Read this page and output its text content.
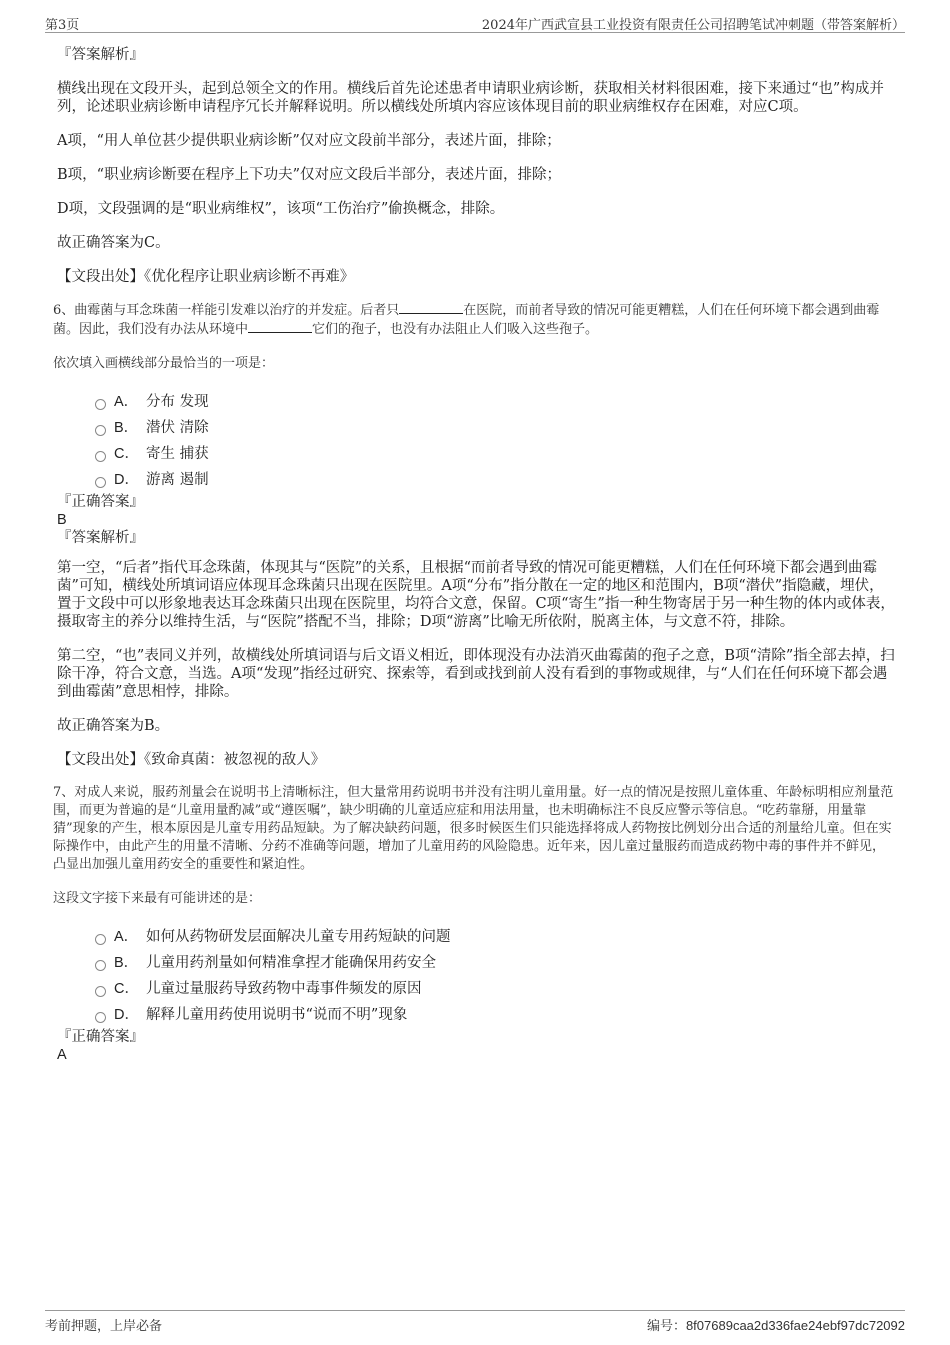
第3页	2024年广西武宣县工业投资有限责任公司招聘笔试冲刺题（带答案解析）

『答案解析』

横线出现在文段开头，起到总领全文的作用。横线后首先论述患者申请职业病诊断，获取相关材料很困难，接下来通过“也”构成并列，论述职业病诊断申请程序冗长并解释说明。所以横线处所填内容应该体现目前的职业病维权存在困难，对应C项。

A项，“用人单位甚少提供职业病诊断”仅对应文段前半部分，表述片面，排除；

B项，“职业病诊断要在程序上下功夫”仅对应文段后半部分，表述片面，排除；

D项，文段强调的是“职业病维权”，该项“工伤治疗”偷换概念，排除。

故正确答案为C。

【文段出处】《优化程序让职业病诊断不再难》

6、曲霉菌与耳念珠菌一样能引发难以治疗的并发症。后者只	在医院，而前者导致的情况可能更糟糕，人们在任何环境下都会遇到曲霉菌。因此，我们没有办法从环境中	它们的孢子，也没有办法阻止人们吸入这些孢子。

依次填入画横线部分最恰当的一项是：

A． 分布 发现
B． 潜伏 清除
C． 寄生 捕获
D． 游离 遏制

『正确答案』

B

『答案解析』

第一空，“后者”指代耳念珠菌，体现其与“医院”的关系，且根据“而前者导致的情况可能更糟糕，人们在任何环境下都会遇到曲霉菌”可知，横线处所填词语应体现耳念珠菌只出现在医院里。A项“分布”指分散在一定的地区和范围内，B项“潜伏”指隐藏，埋伏，置于文段中可以形象地表达耳念珠菌只出现在医院里，均符合文意，保留。C项“寄生”指一种生物寄居于另一种生物的体内或体表，摄取寄主的养分以维持生活，与“医院”搭配不当，排除；D项“游离”比喻无所依附，脱离主体，与文意不符，排除。

第二空，“也”表同义并列，故横线处所填词语与后文语义相近，即体现没有办法消灭曲霉菌的孢子之意，B项“清除”指全部去掉，扫除干净，符合文意，当选。A项“发现”指经过研究、探索等，看到或找到前人没有看到的事物或规律，与“人们在任何环境下都会遇到曲霉菌”意思相悖，排除。

故正确答案为B。

【文段出处】《致命真菌：被忽视的敌人》

7、对成人来说，服药剂量会在说明书上清晰标注，但大量常用药说明书并没有注明儿童用量。好一点的情况是按照儿童体重、年龄标明相应剂量范围，而更为普遍的是“儿童用量酌减”或“遵医嘱”，缺少明确的儿童适应症和用法用量，也未明确标注不良反应警示等信息。“吃药靠掰，用量靠猜”现象的产生，根本原因是儿童专用药品短缺。为了解决缺药问题，很多时候医生们只能选择将成人药物按比例划分出合适的剂量给儿童。但在实际操作中，由此产生的用量不清晰、分药不准确等问题，增加了儿童用药的风险隐患。近年来，因儿童过量服药而造成药物中毒的事件并不鲜见，凸显出加强儿童用药安全的重要性和紧迫性。

这段文字接下来最有可能讲述的是：

A． 如何从药物研发层面解决儿童专用药短缺的问题
B． 儿童用药剂量如何精准拿捏才能确保用药安全
C． 儿童过量服药导致药物中毒事件频发的原因
D． 解释儿童用药使用说明书“说而不明”现象

『正确答案』

A

考前押题，上岸必备	编号：8f07689caa2d336fae24ebf97dc72092
